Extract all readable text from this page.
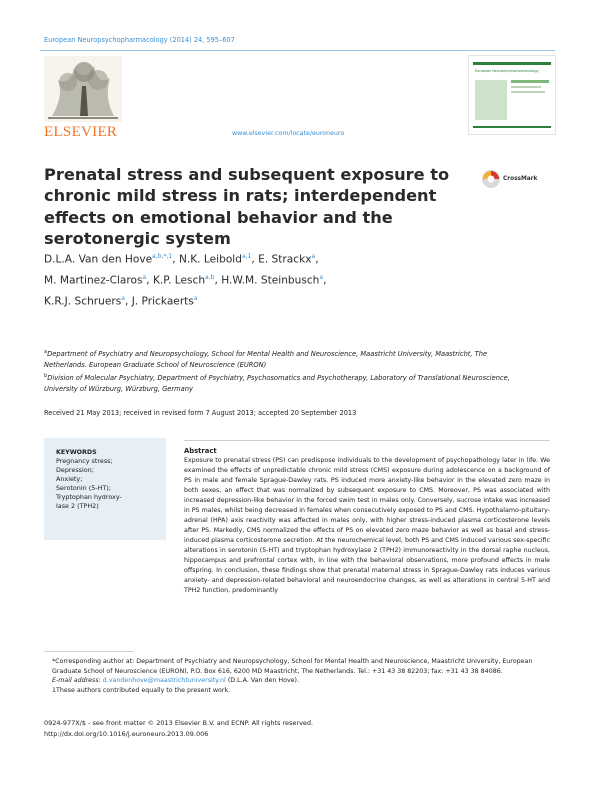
European Neuropsychopharmacology (2014) 24, 595–607
ELSEVIER
European Neuropsychopharmacology
www.elsevier.com/locate/euroneuro
Prenatal stress and subsequent exposure to chronic mild stress in rats; interdependent effects on emotional behavior and the serotonergic system
CrossMark
D.L.A. Van den Hove$^{a,b,*,1}$, N.K. Leibold$^{a,1}$, E. Strackx$^a$,
M. Martinez-Claros$^a$, K.P. Lesch$^{a,b}$, H.W.M. Steinbusch$^a$,
K.R.J. Schruers$^a$, J. Prickaerts$^a$
$^a$Department of Psychiatry and Neuropsychology, School for Mental Health and Neuroscience, Maastricht University, Maastricht, The Netherlands. European Graduate School of Neuroscience (EURON)
$^b$Division of Molecular Psychiatry, Department of Psychiatry, Psychosomatics and Psychotherapy, Laboratory of Translational Neuroscience, University of Würzburg, Würzburg, Germany
Received 21 May 2013; received in revised form 7 August 2013; accepted 20 September 2013
KEYWORDS
Pregnancy stress;
Depression;
Anxiety;
Serotonin (5-HT);
Tryptophan hydroxy-
lase 2 (TPH2)
Abstract
Exposure to prenatal stress (PS) can predispose individuals to the development of psychopathology later in life. We examined the effects of unpredictable chronic mild stress (CMS) exposure during adolescence on a background of PS in male and female Sprague-Dawley rats. PS induced more anxiety-like behavior in the elevated zero maze in both sexes, an effect that was normalized by subsequent exposure to CMS. Moreover, PS was associated with increased depression-like behavior in the forced swim test in males only. Conversely, sucrose intake was increased in PS males, whilst being decreased in females when consecutively exposed to PS and CMS. Hypothalamo-pituitary-adrenal (HPA) axis reactivity was affected in males only, with higher stress-induced plasma corticosterone levels after PS. Markedly, CMS normalized the effects of PS on elevated zero maze behavior as well as basal and stress-induced plasma corticosterone secretion. At the neurochemical level, both PS and CMS induced various sex-specific alterations in serotonin (5-HT) and tryptophan hydroxylase 2 (TPH2) immunoreactivity in the dorsal raphe nucleus, hippocampus and prefrontal cortex with, in line with the behavioral observations, more profound effects in male offspring. In conclusion, these findings show that prenatal maternal stress in Sprague-Dawley rats induces various anxiety- and depression-related behavioral and neuroendocrine changes, as well as alterations in central 5-HT and TPH2 function, predominantly
*Corresponding author at: Department of Psychiatry and Neuropsychology, School for Mental Health and Neuroscience, Maastricht University, European Graduate School of Neuroscience (EURON), P.O. Box 616, 6200 MD Maastricht, The Netherlands. Tel.: +31 43 38 82203; fax: +31 43 38 84086.
E-mail address: d.vandenhove@maastrichtuniversity.nl (D.L.A. Van den Hove).
1These authors contributed equally to the present work.
0924-977X/$ - see front matter © 2013 Elsevier B.V. and ECNP. All rights reserved.
http://dx.doi.org/10.1016/j.euroneuro.2013.09.006
